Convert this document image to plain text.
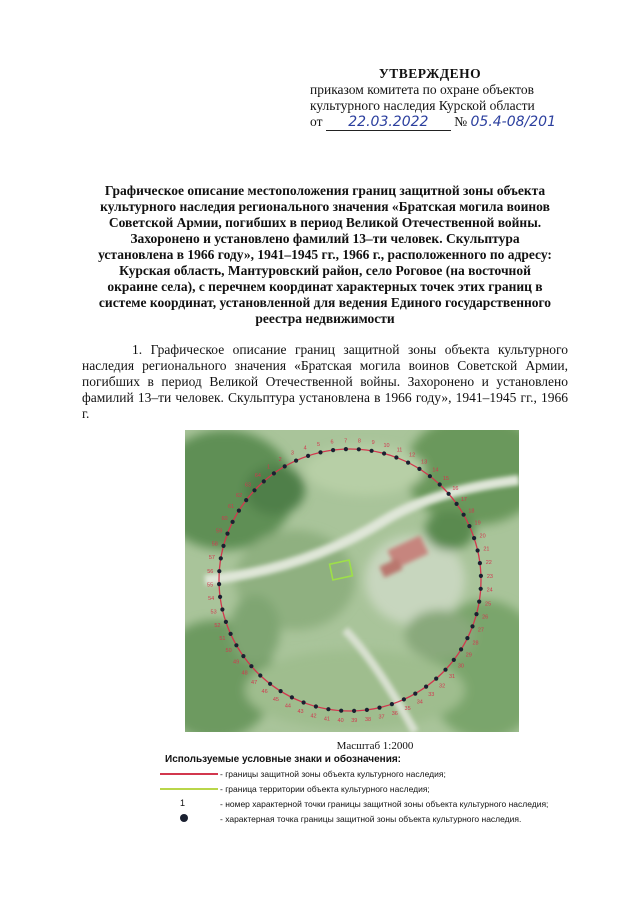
УТВЕРЖДЕНО
приказом комитета по охране объектов
культурного наследия Курской области
от 22.03.2022 № 05.4-08/201
Графическое описание местоположения границ защитной зоны объекта культурного наследия регионального значения «Братская могила воинов Советской Армии, погибших в период Великой Отечественной войны. Захоронено и установлено фамилий 13–ти человек. Скульптура установлена в 1966 году», 1941–1945 гг., 1966 г., расположенного по адресу: Курская область, Мантуровский район, село Роговое (на восточной окраине села), с перечнем координат характерных точек этих границ в системе координат, установленной для ведения Единого государственного реестра недвижимости
1. Графическое описание границ защитной зоны объекта культурного наследия регионального значения «Братская могила воинов Советской Армии, погибших в период Великой Отечественной войны. Захоронено и установлено фамилий 13–ти человек. Скульптура установлена в 1966 году», 1941–1945 гг., 1966 г.
1
2
3
4
5 6 7 8 9 10
11
12
13
14
15
16
17
18
19
20
21
22
23
24
25
26
27
28
29
30
31
32
33
34
35
36
37
38
39
40
41
42
43
44
45
46
47
48
49
50
51
52
53
54
55
56
57
58
59
60
61
62
63
64
Масштаб 1:2000
Используемые условные знаки и обозначения:
- границы защитной зоны объекта культурного наследия;
- граница территории объекта культурного наследия;
1	- номер характерной точки границы защитной зоны объекта культурного наследия;
- характерная точка границы защитной зоны объекта культурного наследия.
